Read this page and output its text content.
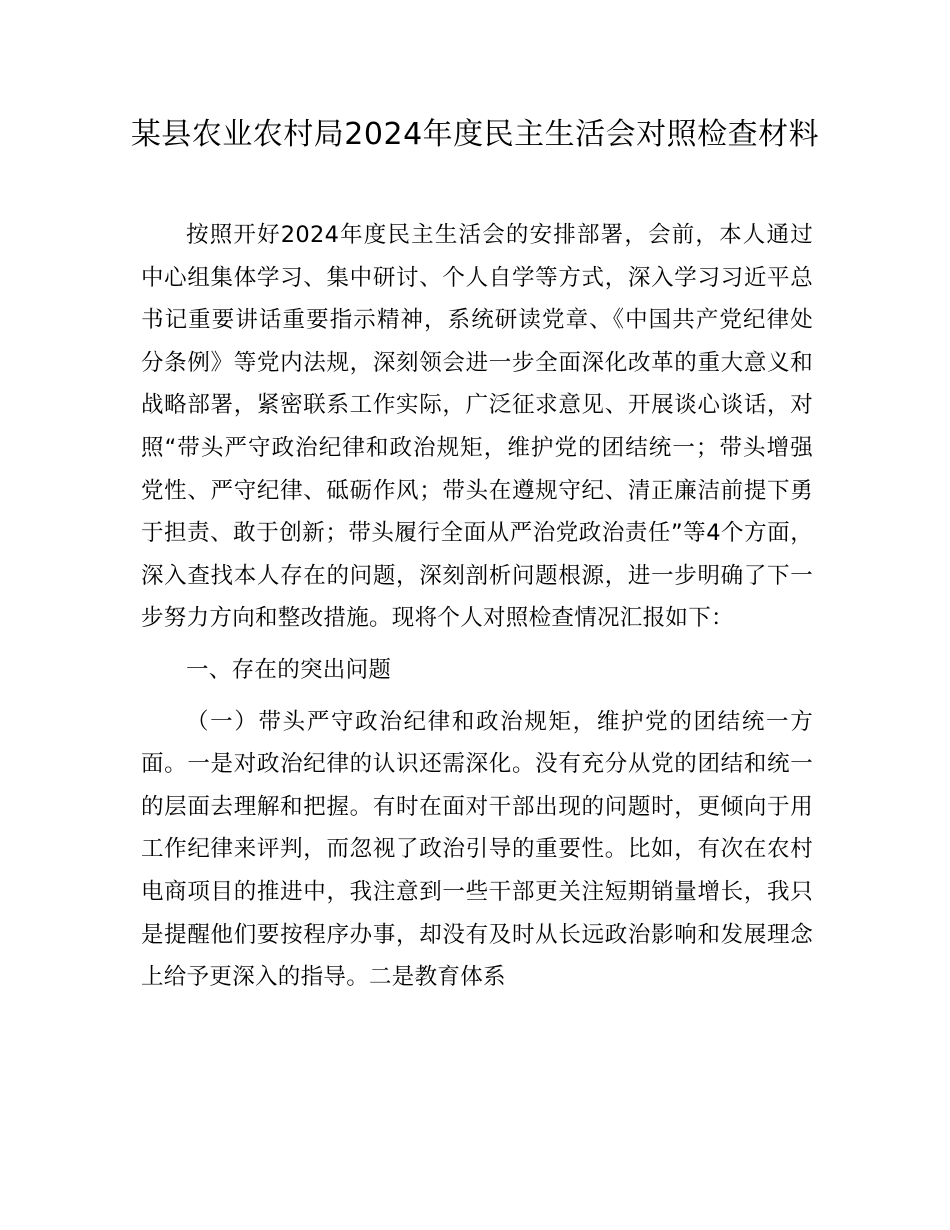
某县农业农村局2024年度民主生活会对照检查材料

按照开好2024年度民主生活会的安排部署，会前，本人通过中心组集体学习、集中研讨、个人自学等方式，深入学习习近平总书记重要讲话重要指示精神，系统研读党章、《中国共产党纪律处分条例》等党内法规，深刻领会进一步全面深化改革的重大意义和战略部署，紧密联系工作实际，广泛征求意见、开展谈心谈话，对照“带头严守政治纪律和政治规矩，维护党的团结统一；带头增强党性、严守纪律、砥砺作风；带头在遵规守纪、清正廉洁前提下勇于担责、敢于创新；带头履行全面从严治党政治责任”等4个方面，深入查找本人存在的问题，深刻剖析问题根源，进一步明确了下一步努力方向和整改措施。现将个人对照检查情况汇报如下：

一、存在的突出问题

（一）带头严守政治纪律和政治规矩，维护党的团结统一方面。一是对政治纪律的认识还需深化。没有充分从党的团结和统一的层面去理解和把握。有时在面对干部出现的问题时，更倾向于用工作纪律来评判，而忽视了政治引导的重要性。比如，有次在农村电商项目的推进中，我注意到一些干部更关注短期销量增长，我只是提醒他们要按程序办事，却没有及时从长远政治影响和发展理念上给予更深入的指导。二是教育体系
